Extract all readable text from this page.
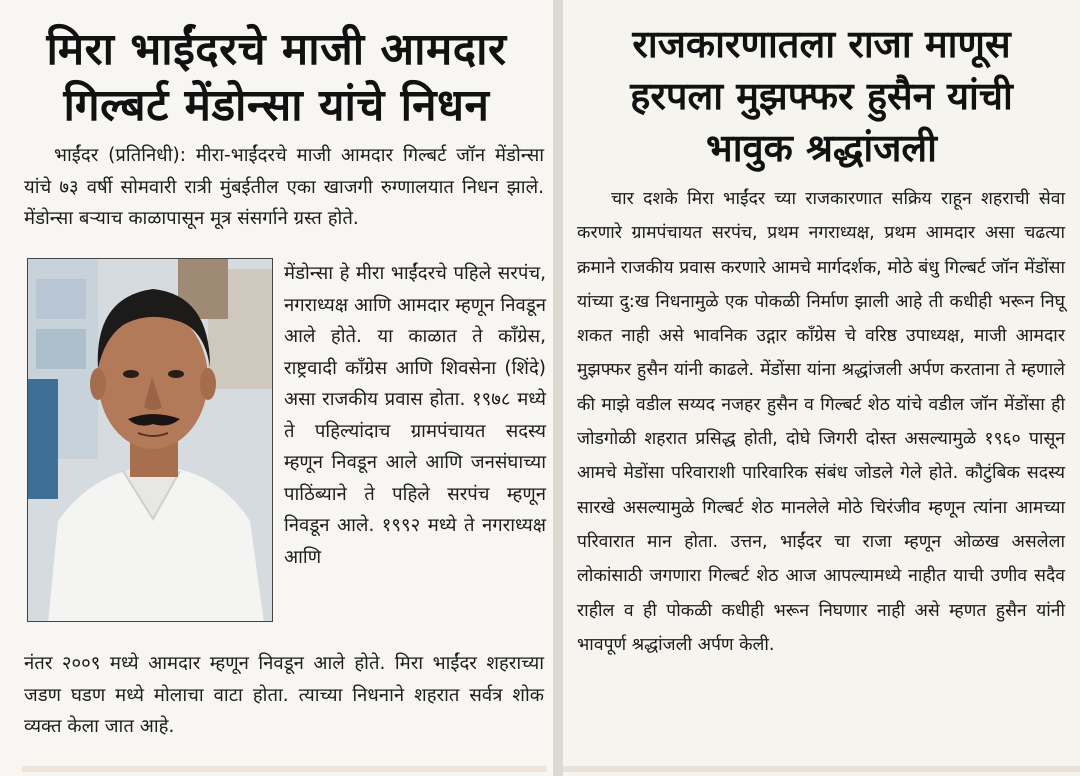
मिरा भाईंदरचे माजी आमदार
गिल्बर्ट मेंडोन्सा यांचे निधन
भाईंदर (प्रतिनिधी): मीरा-भाईंदरचे माजी आमदार गिल्बर्ट जॉन मेंडोन्सा यांचे ७३ वर्षी सोमवारी रात्री मुंबईतील एका खाजगी रुग्णालयात निधन झाले. मेंडोन्सा बऱ्याच काळापासून मूत्र संसर्गाने ग्रस्त होते.
मेंडोन्सा हे मीरा भाईंदरचे पहिले सरपंच, नगराध्यक्ष आणि आमदार म्हणून निवडून आले होते. या काळात ते काँग्रेस, राष्ट्रवादी काँग्रेस आणि शिवसेना (शिंदे) असा राजकीय प्रवास होता. १९७८ मध्ये ते पहिल्यांदाच ग्रामपंचायत सदस्य म्हणून निवडून आले आणि जनसंघाच्या पाठिंब्याने ते पहिले सरपंच म्हणून निवडून आले. १९९२ मध्ये ते नगराध्यक्ष आणि
नंतर २००९ मध्ये आमदार म्हणून निवडून आले होते. मिरा भाईंदर शहराच्या जडण घडण मध्ये मोलाचा वाटा होता. त्याच्या निधनाने शहरात सर्वत्र शोक व्यक्त केला जात आहे.
राजकारणातला राजा माणूस
हरपला मुझफ्फर हुसैन यांची
भावुक श्रद्धांजली
चार दशके मिरा भाईंदर च्या राजकारणात सक्रिय राहून शहराची सेवा करणारे ग्रामपंचायत सरपंच, प्रथम नगराध्यक्ष, प्रथम आमदार असा चढत्या क्रमाने राजकीय प्रवास करणारे आमचे मार्गदर्शक, मोठे बंधु गिल्बर्ट जॉन मेंडोंसा यांच्या दु:ख निधनामुळे एक पोकळी निर्माण झाली आहे ती कधीही भरून निघू शकत नाही असे भावनिक उद्गार कॉंग्रेस चे वरिष्ठ उपाध्यक्ष, माजी आमदार मुझफ्फर हुसैन यांनी काढले. मेंडोंसा यांना श्रद्धांजली अर्पण करताना ते म्हणाले की माझे वडील सय्यद नजहर हुसैन व गिल्बर्ट शेठ यांचे वडील जॉन मेंडोंसा ही जोडगोळी शहरात प्रसिद्ध होती, दोघे जिगरी दोस्त असल्यामुळे १९६० पासून आमचे मेडोंसा परिवाराशी पारिवारिक संबंध जोडले गेले होते. कौटुंबिक सदस्य सारखे असल्यामुळे गिल्बर्ट शेठ मानलेले मोठे चिरंजीव म्हणून त्यांना आमच्या परिवारात मान होता. उत्तन, भाईंदर चा राजा म्हणून ओळख असलेला लोकांसाठी जगणारा गिल्बर्ट शेठ आज आपल्यामध्ये नाहीत याची उणीव सदैव राहील व ही पोकळी कधीही भरून निघणार नाही असे म्हणत हुसैन यांनी भावपूर्ण श्रद्धांजली अर्पण केली.
